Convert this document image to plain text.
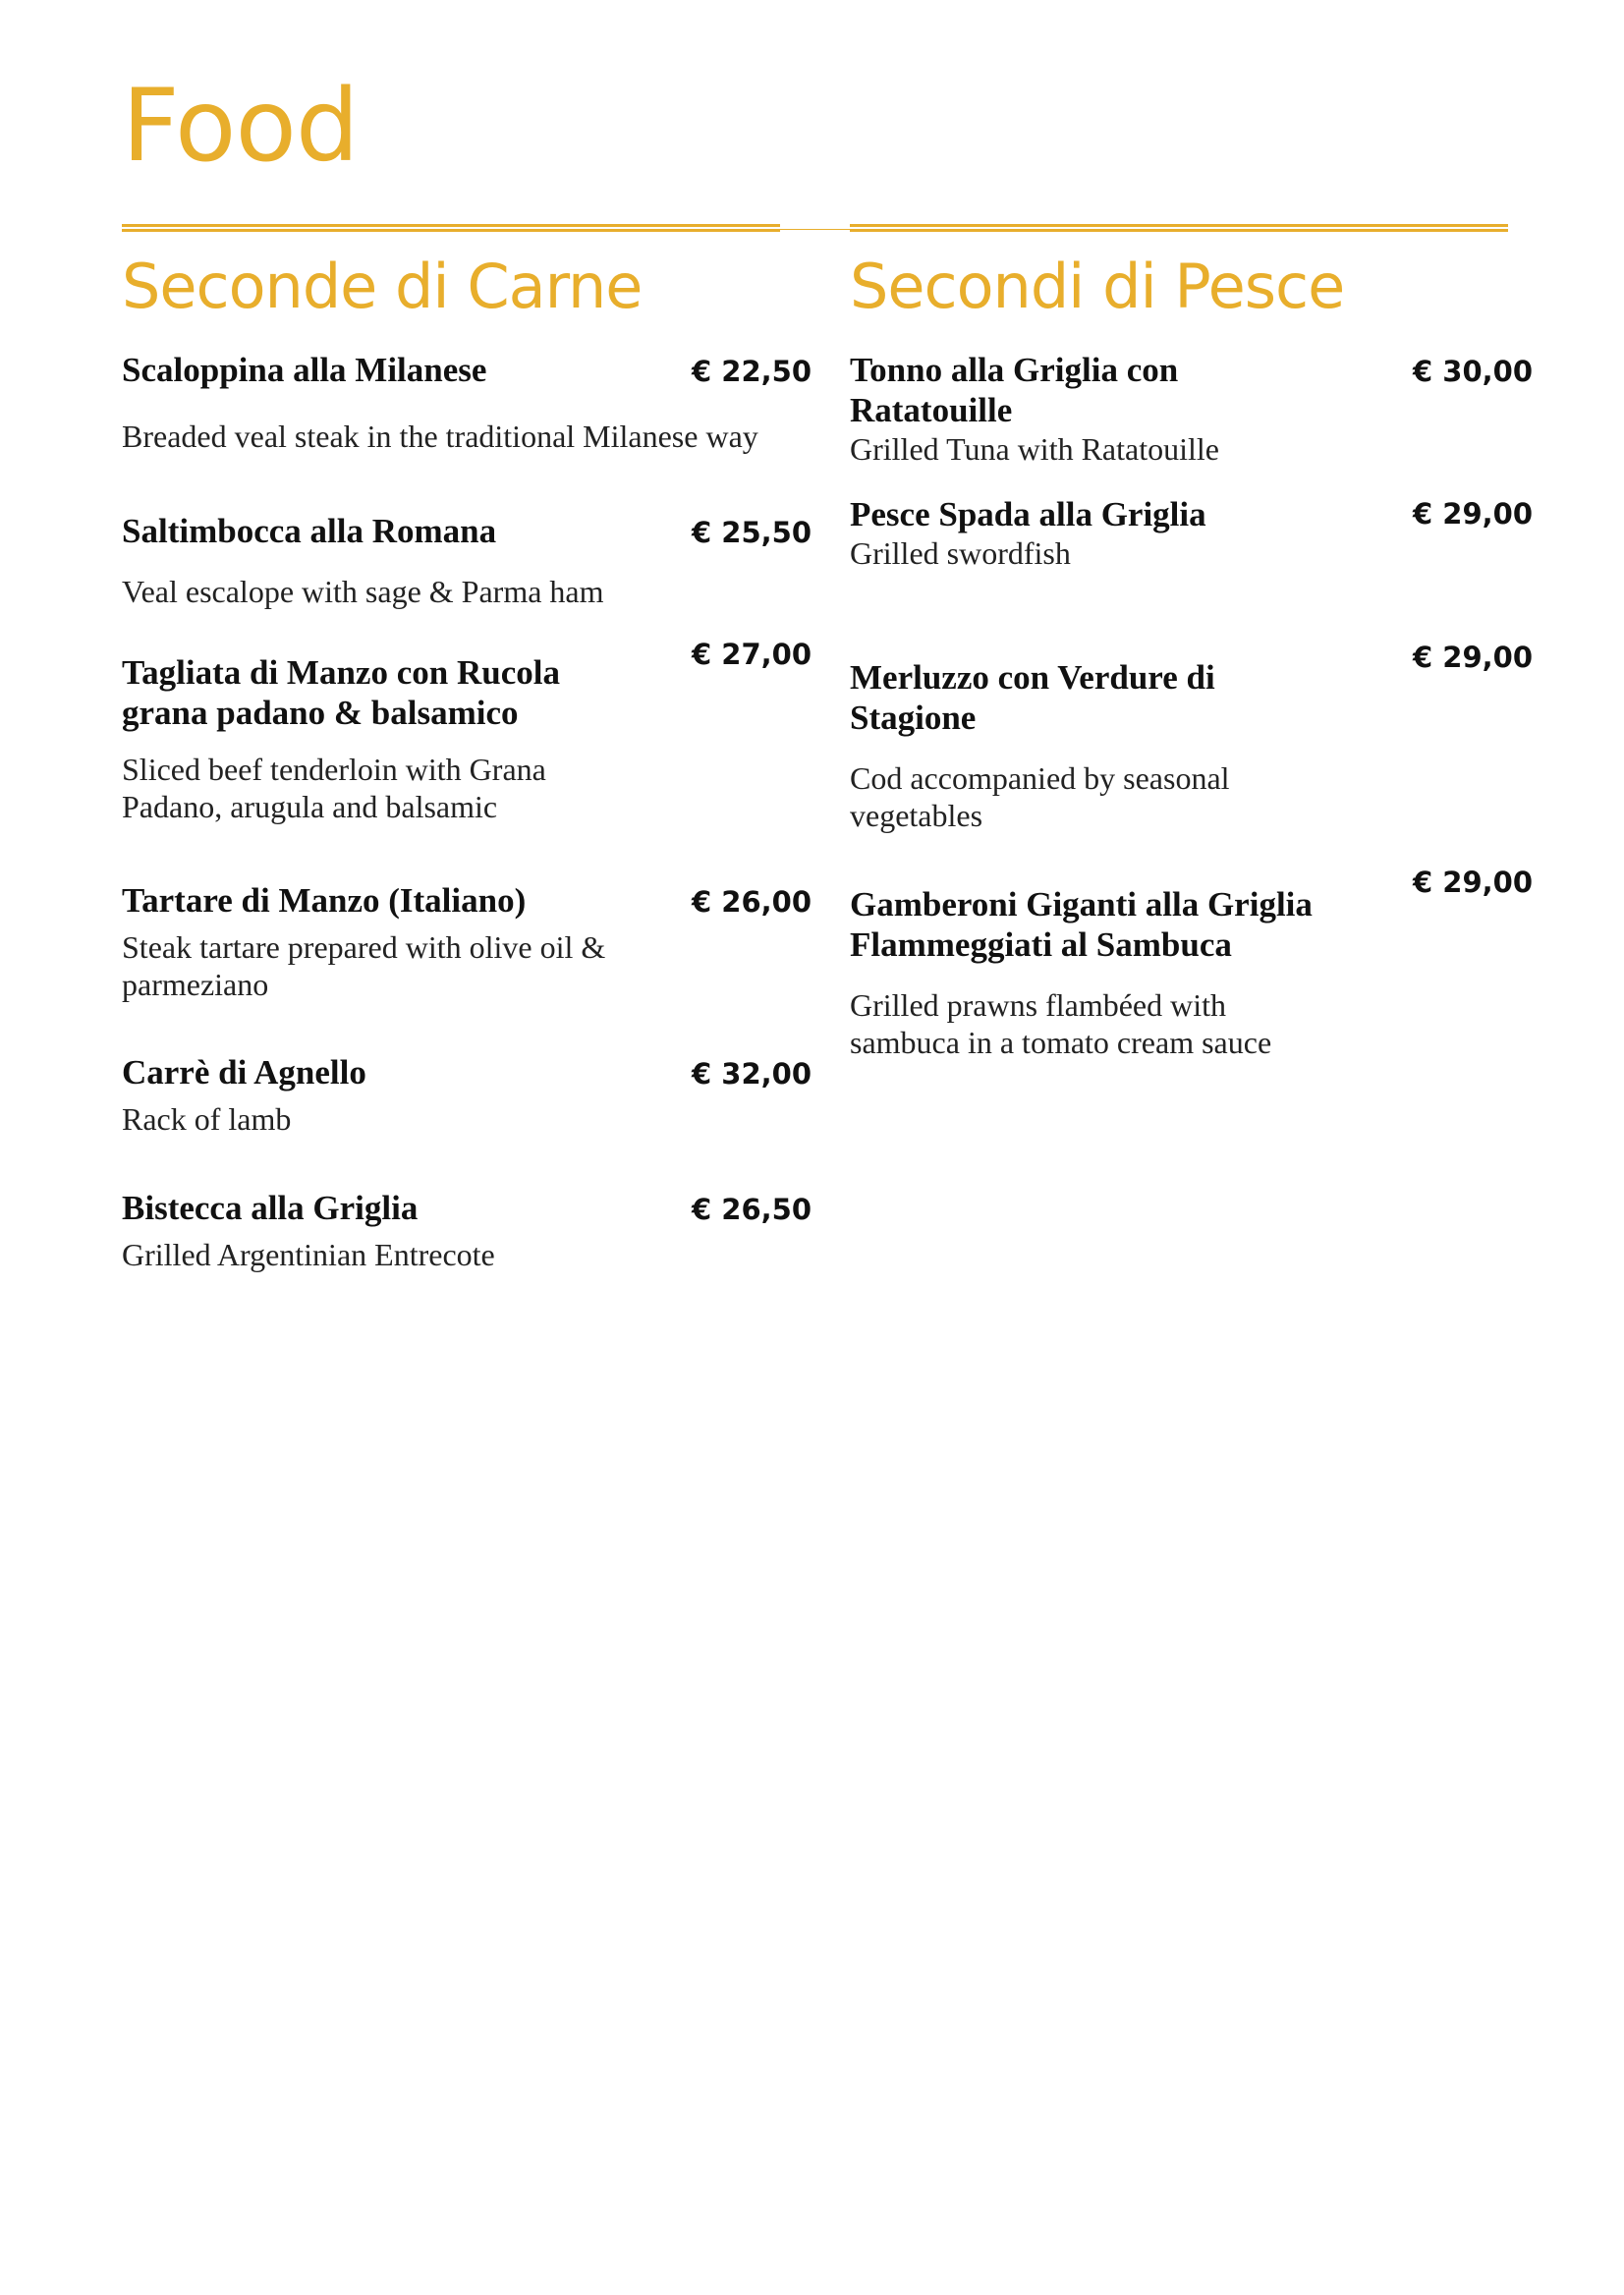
Food
Seconde di Carne
Scaloppina alla Milanese	€ 22,50
Breaded veal steak in the traditional Milanese way
Saltimbocca alla Romana	€ 25,50
Veal escalope with sage & Parma ham
Tagliata di Manzo con Rucola grana padano & balsamico
€ 27,00
Sliced beef tenderloin with Grana Padano, arugula and balsamic
Tartare di Manzo (Italiano)	€ 26,00
Steak tartare prepared with olive oil & parmeziano
Carrè di Agnello	€ 32,00
Rack of lamb
Bistecca alla Griglia	€ 26,50
Grilled Argentinian Entrecote
Secondi di Pesce
Tonno alla Griglia con Ratatouille
€ 30,00
Grilled Tuna with Ratatouille
Pesce Spada alla Griglia	€ 29,00
Grilled swordfish
Merluzzo con Verdure di Stagione
€ 29,00
Cod accompanied by seasonal vegetables
Gamberoni Giganti alla Griglia Flammeggiati al Sambuca
€ 29,00
Grilled prawns flambéed with sambuca in a tomato cream sauce
